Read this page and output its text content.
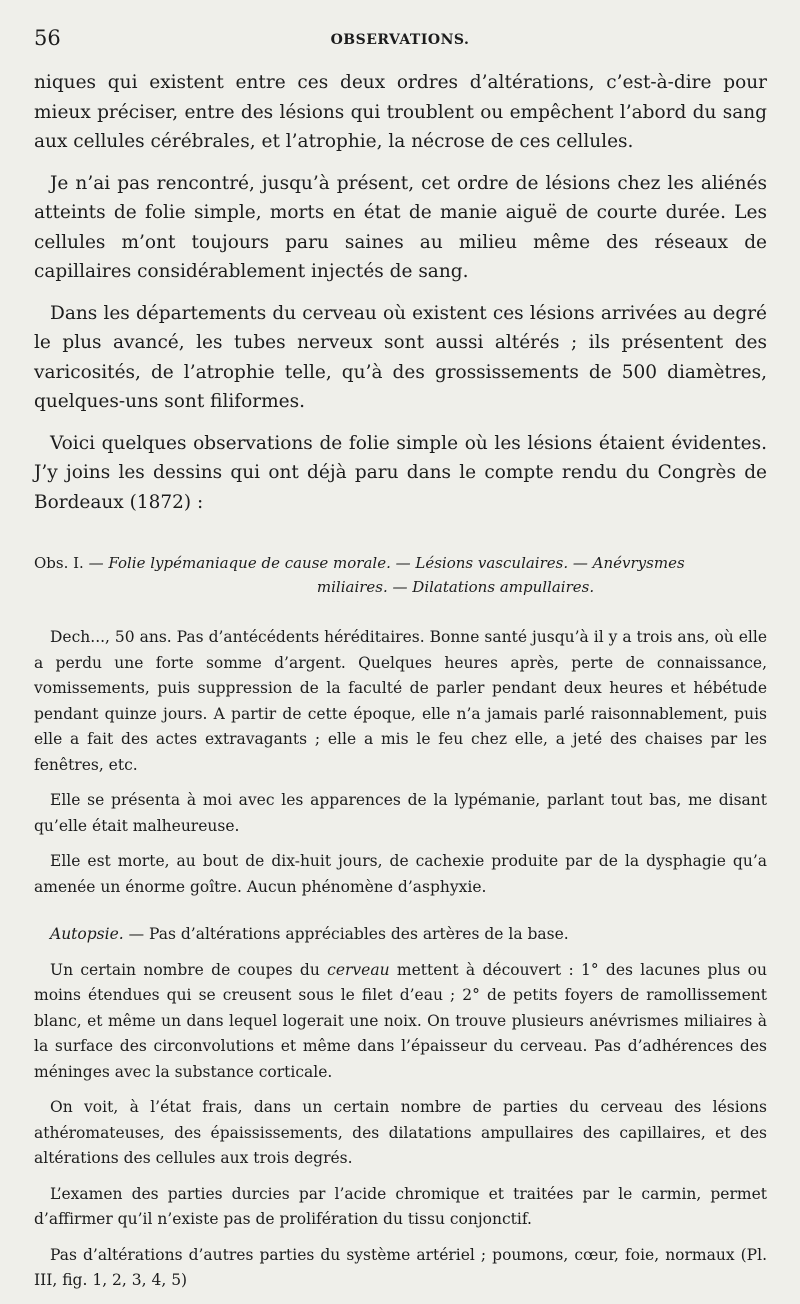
56	OBSERVATIONS.

niques qui existent entre ces deux ordres d’altérations, c’est-à-dire pour mieux préciser, entre des lésions qui troublent ou empêchent l’abord du sang aux cellules cérébrales, et l’atrophie, la nécrose de ces cellules.

Je n’ai pas rencontré, jusqu’à présent, cet ordre de lésions chez les aliénés atteints de folie simple, morts en état de manie aiguë de courte durée. Les cellules m’ont toujours paru saines au milieu même des réseaux de capillaires considérablement injectés de sang.

Dans les départements du cerveau où existent ces lésions arrivées au degré le plus avancé, les tubes nerveux sont aussi altérés ; ils présentent des varicosités, de l’atrophie telle, qu’à des grossissements de 500 diamètres, quelques-uns sont filiformes.

Voici quelques observations de folie simple où les lésions étaient évidentes. J’y joins les dessins qui ont déjà paru dans le compte rendu du Congrès de Bordeaux (1872) :

Obs. I. — Folie lypémaniaque de cause morale. — Lésions vasculaires. — Anévrysmes
miliaires. — Dilatations ampullaires.

Dech..., 50 ans. Pas d’antécédents héréditaires. Bonne santé jusqu’à il y a trois ans, où elle a perdu une forte somme d’argent. Quelques heures après, perte de connaissance, vomissements, puis suppression de la faculté de parler pendant deux heures et hébétude pendant quinze jours. A partir de cette époque, elle n’a jamais parlé raisonnablement, puis elle a fait des actes extravagants ; elle a mis le feu chez elle, a jeté des chaises par les fenêtres, etc.

Elle se présenta à moi avec les apparences de la lypémanie, parlant tout bas, me disant qu’elle était malheureuse.

Elle est morte, au bout de dix-huit jours, de cachexie produite par de la dysphagie qu’a amenée un énorme goître. Aucun phénomène d’asphyxie.

Autopsie. — Pas d’altérations appréciables des artères de la base.

Un certain nombre de coupes du cerveau mettent à découvert : 1° des lacunes plus ou moins étendues qui se creusent sous le filet d’eau ; 2° de petits foyers de ramollissement blanc, et même un dans lequel logerait une noix. On trouve plusieurs anévrismes miliaires à la surface des circonvolutions et même dans l’épaisseur du cerveau. Pas d’adhérences des méninges avec la substance corticale.

On voit, à l’état frais, dans un certain nombre de parties du cerveau des lésions athéromateuses, des épaississements, des dilatations ampullaires des capillaires, et des altérations des cellules aux trois degrés.

L’examen des parties durcies par l’acide chromique et traitées par le carmin, permet d’affirmer qu’il n’existe pas de prolifération du tissu conjonctif.

Pas d’altérations d’autres parties du système artériel ; poumons, cœur, foie, normaux (Pl. III, fig. 1, 2, 3, 4, 5)
